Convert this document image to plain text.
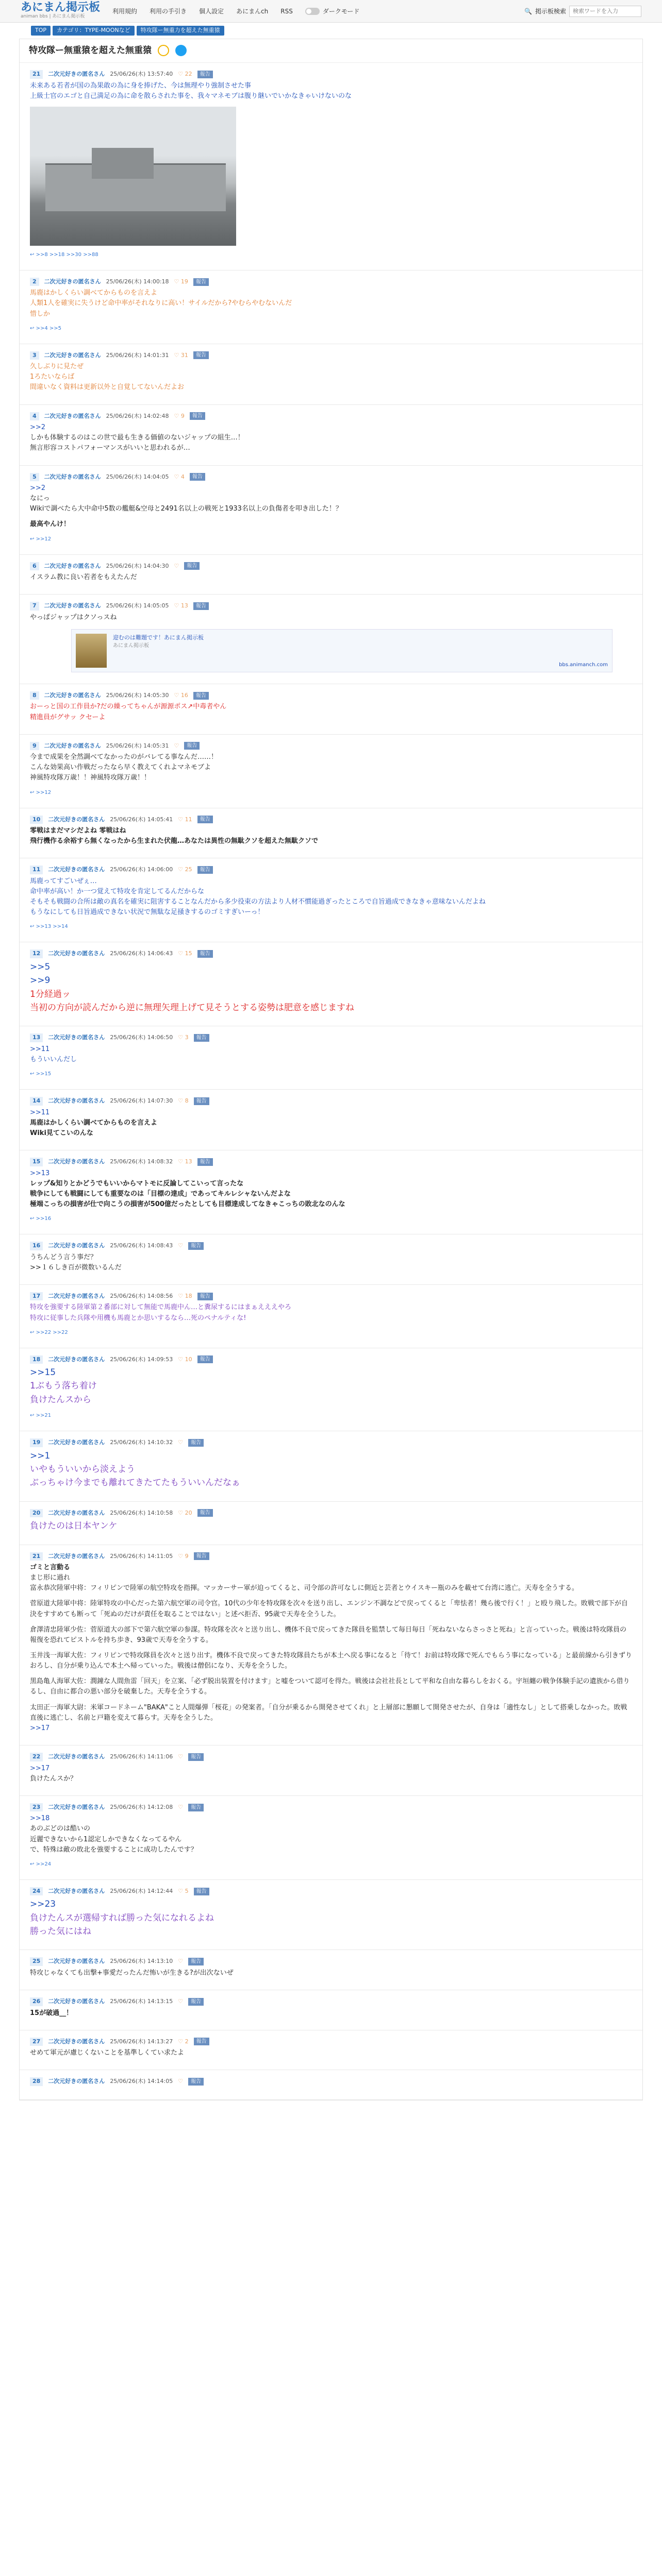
あにまん掲示板
animan bbs | あにまん掲示板
利用規約 利用の手引き 個人設定 あにまんch RSS	ダークモード	🔍 掲示板検索
検索ワードを入力
TOP	カテゴリ：TYPE-MOONなど	特攻隊ー無重力を超えた無重猿
特攻隊ー無重猿を超えた無重猿
21	二次元好きの匿名さん 25/06/26(木) 13:57:40 ♡ 22	報告
未来ある若者が国の為果敢の為に身を捧げた、今は無理やり強制させた事
上級士官のエゴと自己満足の為に命を散らされた事を、我々マネモブは腹り継いでいかなきゃいけないのな
↩ >>8 >>18 >>30 >>88
2	二次元好きの匿名さん 25/06/26(木) 14:00:18 ♡ 19	報告
馬鹿はかしくらい調べてからものを言えよ
人類1人を確実に失うけど命中率がそれなりに高い！サイルだから?やむらやむないんだ
惜しか
↩ >>4 >>5
3	二次元好きの匿名さん 25/06/26(木) 14:01:31 ♡ 31	報告
久しぶりに見たぜ
1ろたいならば
間違いなく資料は更新以外と自覚してないんだよお
4	二次元好きの匿名さん 25/06/26(木) 14:02:48 ♡ 9	報告
>>2
しかも体験するのはこの世で最も生きる価値のないジャップの組生…！
無言形容コストパフォーマンスがいいと思われるが…
5	二次元好きの匿名さん 25/06/26(木) 14:04:05 ♡ 4	報告
>>2
なにっ
Wikiで調べたら大中命中5数の艦艇&空母と2491名以上の戦死と1933名以上の負傷者を叩き出した！？
最高やんけ！
↩ >>12
6	二次元好きの匿名さん 25/06/26(木) 14:04:30 ♡	報告
イスラム教に良い若者をもえたんだ
7	二次元好きの匿名さん 25/06/26(木) 14:05:05 ♡ 13	報告
やっぱジャップはクソっスね
迎むのは難題です！あにまん掲示板
あにまん掲示板
bbs.animanch.com
8	二次元好きの匿名さん 25/06/26(木) 14:05:30 ♡ 16	報告
おーっと国の工作員か?だの繰ってちゃんが源源ポス↗中毒者やん
精進員がグサッ クセーよ
9	二次元好きの匿名さん 25/06/26(木) 14:05:31 ♡	報告
今まで成果を全然調べてなかったのがバレてる事なんだ……！
こんな効果高い作戦だったなら早く教えてくれよマネモブよ
神風特攻隊万歳！！神風特攻隊万歳！！
↩ >>12
10	二次元好きの匿名さん 25/06/26(木) 14:05:41 ♡ 11	報告
零戦はまだマシだよね 零戦はね
飛行機作る余裕すら無くなったから生まれた伏龍…あなたは異性の無駄クソを超えた無駄クソで
11	二次元好きの匿名さん 25/06/26(木) 14:06:00 ♡ 25	報告
馬鹿ってすごいぜぇ…
命中率が高い！か一つ覚えて特攻を肯定してるんだからな
そもそも戦闘の合所は敵の真名を確実に阻害することなんだから多少役束の方法より人材不慣能過ぎったところで自旨過成できなきゃ意味ないんだよね
もうなにしても日旨過成できない状況で無駄な足掻きするのゴミすぎいーっ！
↩ >>13 >>14
12	二次元好きの匿名さん 25/06/26(木) 14:06:43 ♡ 15	報告
>>5
>>9
1分経過ッ
当初の方向が読んだから逆に無理矢理上げて見そうとする姿勢は肥意を感じますね
13	二次元好きの匿名さん 25/06/26(木) 14:06:50 ♡ 3	報告
>>11
もういいんだし
↩ >>15
14	二次元好きの匿名さん 25/06/26(木) 14:07:30 ♡ 8	報告
>>11
馬鹿はかしくらい調べてからものを言えよ
Wiki見てこいのんな
15	二次元好きの匿名さん 25/06/26(木) 14:08:32 ♡ 13	報告
>>13
レップ&知りとかどうでもいいからマトモに反論してこいって言ったな
戦争にしても戦闘にしても重要なのは「目標の達成」であってキルレシャないんだよな
極端こっちの損害が仕で向こうの損害が500億だったとしても目標達成してなきゃこっちの敗北なのんな
↩ >>16
16	二次元好きの匿名さん 25/06/26(木) 14:08:43 ♡	報告
うちんどう言う事だ？
>>１６しき百が微数いるんだ
17	二次元好きの匿名さん 25/06/26(木) 14:08:56 ♡ 18	報告
特攻を強要する陸軍第２番部に対して無能で馬鹿中ん…と糞尿するにはまぁえええやろ
特攻に従事した兵隊や用機も馬鹿とか思いするなら…死のペナルティな!
↩ >>22 >>22
18	二次元好きの匿名さん 25/06/26(木) 14:09:53 ♡ 10	報告
>>15
1ぶもう落ち着け
負けたんスから
↩ >>21
19	二次元好きの匿名さん 25/06/26(木) 14:10:32 ♡	報告
>>1
いやもういいから淡えよう
ぶっちゃけ今までも離れてきたてたもういいんだなぁ
20	二次元好きの匿名さん 25/06/26(木) 14:10:58 ♡ 20	報告
負けたのは日本ヤンケ
21	二次元好きの匿名さん 25/06/26(木) 14:11:05 ♡ 9	報告
ゴミと言動る
まじ形に過れ
富永恭次陸軍中将：フィリピンで陸軍の航空特攻を指揮。マッカーサー軍が迫ってくると、司令部の許可なしに側近と芸者とウイスキー瓶のみを載せて台湾に逃亡。天寿を全うする。
菅原道大陸軍中将：陸軍特攻の中心だった第六航空軍の司令官。10代の少年を特攻隊を次々を送り出し、エンジン不調などで戻ってくると「卑怯者！幾ら後で行く！」と殴り飛した。敗戦で部下が自決をすすめても断って「死ぬのだけが責任を取ることではない」と述べ拒否、95歳で天寿を全うした。
倉澤清忠陸軍少佐：菅原道大の部下で第六航空軍の参謀。特攻隊を次々と送り出し、機体不良で戻ってきた隊員を監禁して毎日毎日「死ねないならさっさと死ね」と言っていった。戦後は特攻隊員の報復を恐れてピストルを持ち歩き、93歳で天寿を全うする。
玉井浅一海軍大佐：フィリピンで特攻隊員を次々と送り出す。機体不良で戻ってきた特攻隊員たちが本土へ戻る事になると「待て！お前は特攻隊で死んでもらう事になっている」と最前線から引きずりおろし、自分が乗り込んで本土へ帰っていった。戦後は僧侶になり、天寿を全うした。
黒島亀人海軍大佐：潤鐘な人間魚雷「回天」を立案、「必ず脱出装置を付けます」と嘘をついて認可を得た。戦後は会社社長として平和な自由な暮らしをおくる。宇垣纏の戦争体験手記の遺族から借りるし、自由に都合の悪い部分を破棄した。天寿を全うする。
太田正一海軍大尉：米軍コードネーム"BAKA"こと人間爆弾「桜花」の発案者。「自分が乗るから開発させてくれ」と上層部に懇願して開発させたが、自身は「適性なし」として搭乗しなかった。敗戦直後に逃亡し、名前と戸籍を変えて暮らす。天寿を全うした。
>>17
22	二次元好きの匿名さん 25/06/26(木) 14:11:06 ♡	報告
>>17
負けたんスか？
23	二次元好きの匿名さん 25/06/26(木) 14:12:08 ♡	報告
>>18
あのぶどのは酷いの
近麗できないから1認定しかできなくなってるやん
で、特殊は敵の敗北を強要することに成功したんです？
↩ >>24
24	二次元好きの匿名さん 25/06/26(木) 14:12:44 ♡ 5	報告
>>23
負けたんスが選帰すれば勝った気になれるよね
勝った気にはね
25	二次元好きの匿名さん 25/06/26(木) 14:13:10 ♡	報告
特攻じゃなくても出撃+事愛だったんだ怖いが生きる?が出次ないぜ
26	二次元好きの匿名さん 25/06/26(木) 14:13:15 ♡	報告
15が破過__！
27	二次元好きの匿名さん 25/06/26(木) 14:13:27 ♡ 2	報告
せめて軍元が慮じくないことを基準しくてい求たよ
28	二次元好きの匿名さん 25/06/26(木) 14:14:05 ♡	報告
